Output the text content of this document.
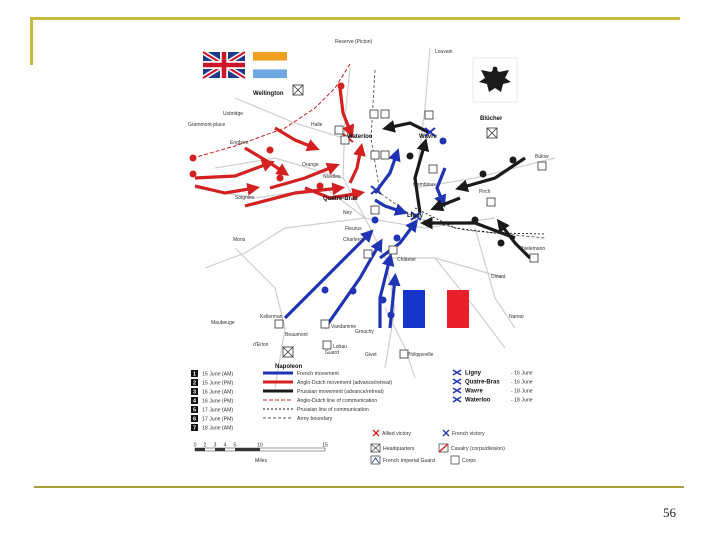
Reserve (Picton)
Louvain
Wellington
Uxbridge
Grammont-place	Halle
Enghien
Waterloo	Wavre
Blücher
Bülow
Orange
Nivelles
Soignies	Quatre-Bras
Ney	Ligny
Gembloux
Pirch
Thielemann
Fleurus
Charleroi
Mons
Châtelet
Maubeuge
Kellerman
Vandamme
Beaumont
Lobau
Grouchy
d'Erlon
Napoleon
Guard	Givet	Philippeville
Namur
Dinant
1 15 June (AM)
2 15 June (PM)
3 16 June (AM)
4 16 June (PM)
5 17 June (AM)
6 17 June (PM)
7 18 June (AM)
French movement
Anglo-Dutch movement (advance/retreat)
Prussian movement (advance/retreat)
Anglo-Dutch line of communication
Prussian line of communication
Army boundary
Ligny	- 16 June
Quatre-Bras - 16 June
Wavre	- 18 June
Waterloo	- 18 June
Allied victory	French victory
Headquarters	Cavalry (corps/division)
French Imperial Guard	Corps
0 2 3 4 5	10	15
Miles
56
